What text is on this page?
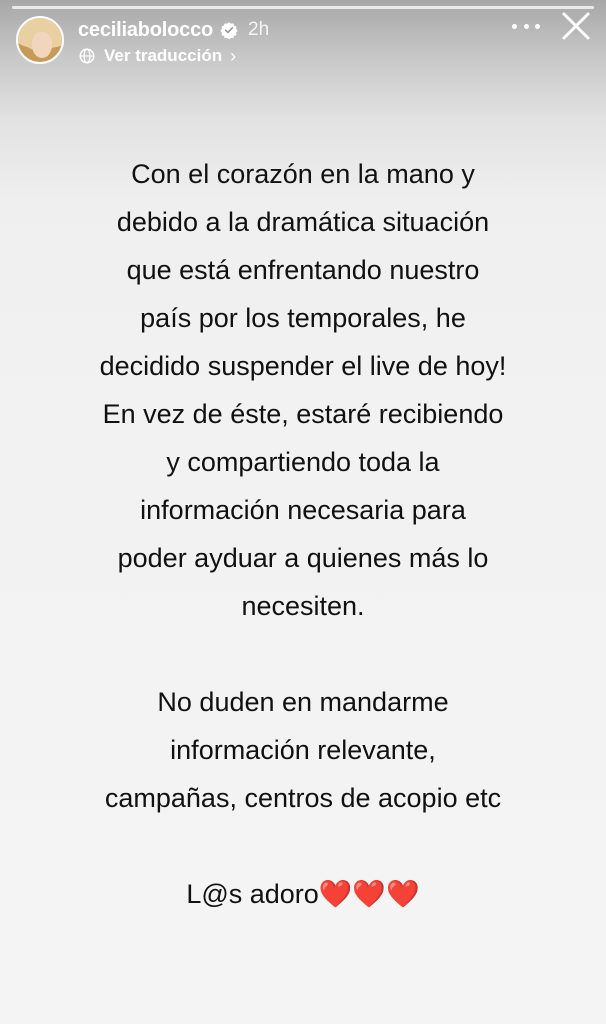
ceciliabolocco 2h
Ver traducción ›
Con el corazón en la mano y
debido a la dramática situación
que está enfrentando nuestro
país por los temporales, he
decidido suspender el live de hoy!
En vez de éste, estaré recibiendo
y compartiendo toda la
información necesaria para
poder ayduar a quienes más lo
necesiten.
No duden en mandarme
información relevante,
campañas, centros de acopio etc
L@s adoro❤️❤️❤️
